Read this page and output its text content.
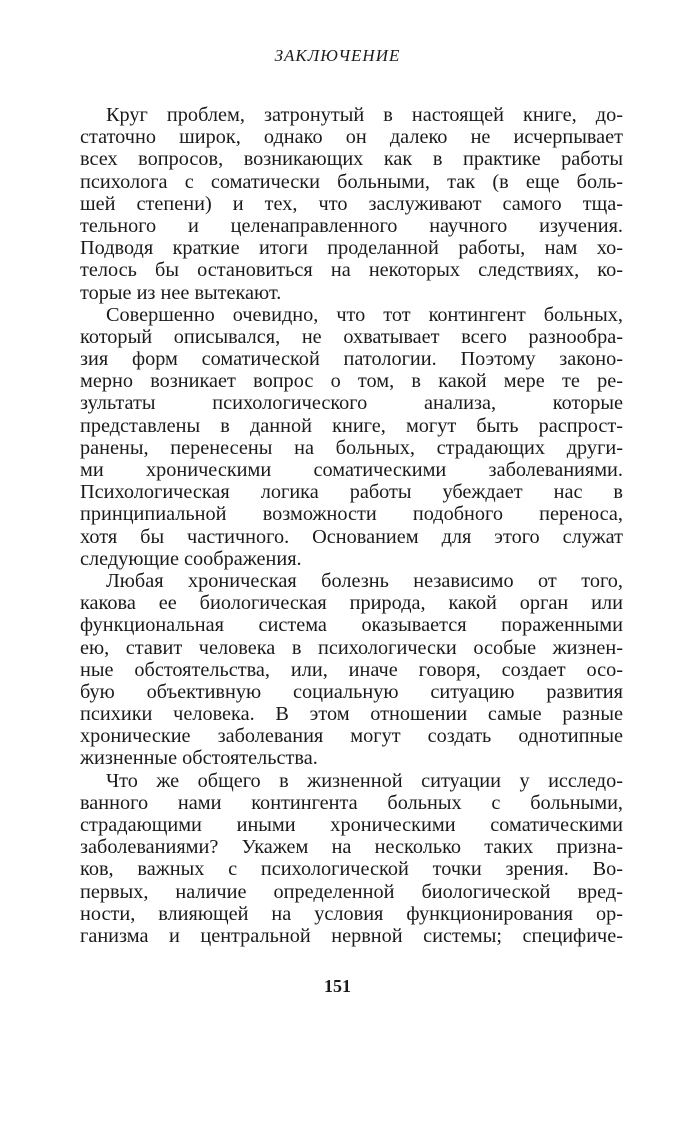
ЗАКЛЮЧЕНИЕ
Круг проблем, затронутый в настоящей книге, до-
статочно широк, однако он далеко не исчерпывает
всех вопросов, возникающих как в практике работы
психолога с соматически больными, так (в еще боль-
шей степени) и тех, что заслуживают самого тща-
тельного и целенаправленного научного изучения.
Подводя краткие итоги проделанной работы, нам хо-
телось бы остановиться на некоторых следствиях, ко-
торые из нее вытекают.
Совершенно очевидно, что тот контингент больных,
который описывался, не охватывает всего разнообра-
зия форм соматической патологии. Поэтому законо-
мерно возникает вопрос о том, в какой мере те ре-
зультаты психологического анализа, которые
представлены в данной книге, могут быть распрост-
ранены, перенесены на больных, страдающих други-
ми хроническими соматическими заболеваниями.
Психологическая логика работы убеждает нас в
принципиальной возможности подобного переноса,
хотя бы частичного. Основанием для этого служат
следующие соображения.
Любая хроническая болезнь независимо от того,
какова ее биологическая природа, какой орган или
функциональная система оказывается пораженными
ею, ставит человека в психологически особые жизнен-
ные обстоятельства, или, иначе говоря, создает осо-
бую объективную социальную ситуацию развития
психики человека. В этом отношении самые разные
хронические заболевания могут создать однотипные
жизненные обстоятельства.
Что же общего в жизненной ситуации у исследо-
ванного нами контингента больных с больными,
страдающими иными хроническими соматическими
заболеваниями? Укажем на несколько таких призна-
ков, важных с психологической точки зрения. Во-
первых, наличие определенной биологической вред-
ности, влияющей на условия функционирования ор-
ганизма и центральной нервной системы; специфиче-
151
